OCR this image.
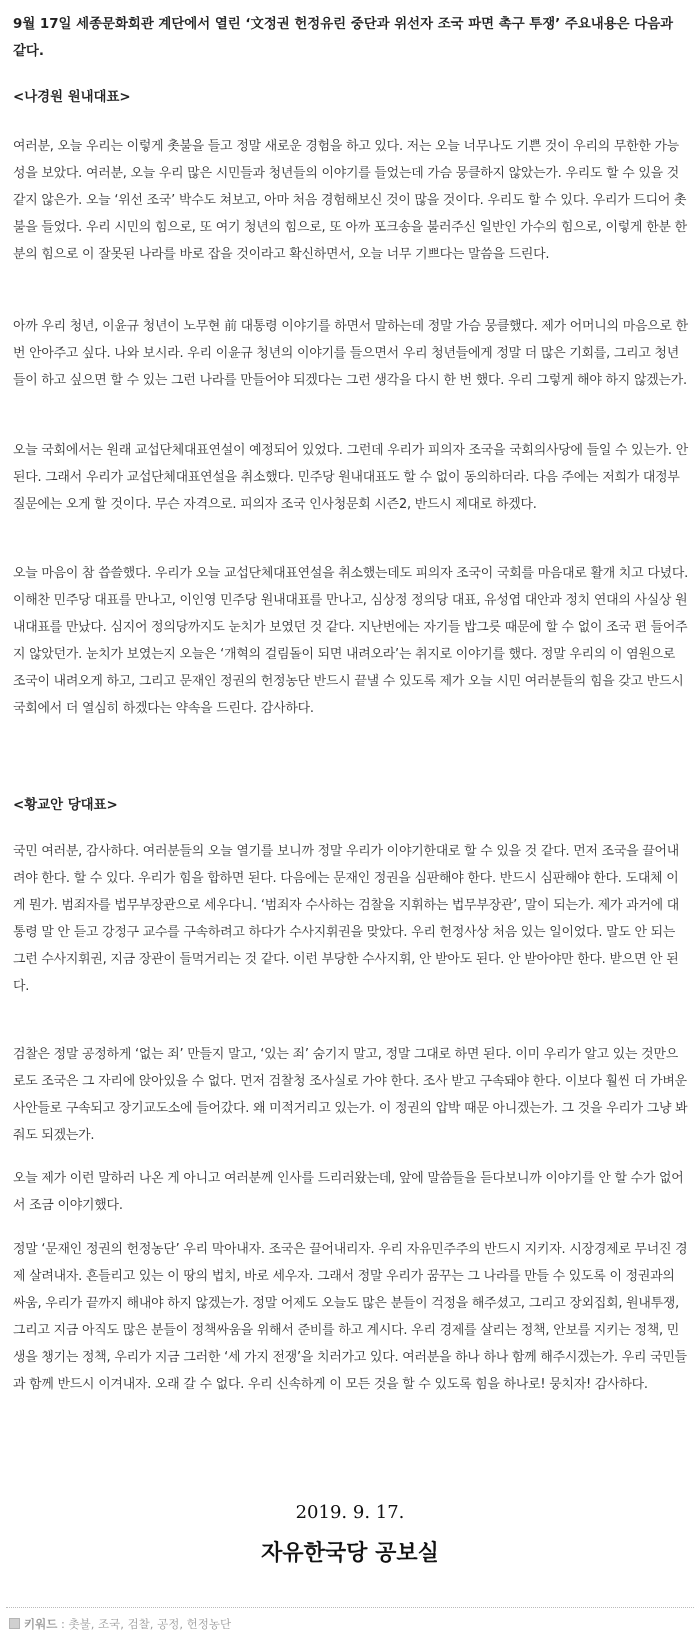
9월 17일 세종문화회관 계단에서 열린 ‘文정권 헌정유린 중단과 위선자 조국 파면 촉구 투쟁’ 주요내용은 다음과 같다.

<나경원 원내대표>

여러분, 오늘 우리는 이렇게 촛불을 들고 정말 새로운 경험을 하고 있다. 저는 오늘 너무나도 기쁜 것이 우리의 무한한 가능성을 보았다. 여러분, 오늘 우리 많은 시민들과 청년들의 이야기를 들었는데 가슴 뭉클하지 않았는가. 우리도 할 수 있을 것 같지 않은가. 오늘 ‘위선 조국’ 박수도 쳐보고, 아마 처음 경험해보신 것이 많을 것이다. 우리도 할 수 있다. 우리가 드디어 촛불을 들었다. 우리 시민의 힘으로, 또 여기 청년의 힘으로, 또 아까 포크송을 불러주신 일반인 가수의 힘으로, 이렇게 한분 한분의 힘으로 이 잘못된 나라를 바로 잡을 것이라고 확신하면서, 오늘 너무 기쁘다는 말씀을 드린다.

아까 우리 청년, 이윤규 청년이 노무현 前 대통령 이야기를 하면서 말하는데 정말 가슴 뭉클했다. 제가 어머니의 마음으로 한번 안아주고 싶다. 나와 보시라. 우리 이윤규 청년의 이야기를 들으면서 우리 청년들에게 정말 더 많은 기회를, 그리고 청년들이 하고 싶으면 할 수 있는 그런 나라를 만들어야 되겠다는 그런 생각을 다시 한 번 했다. 우리 그렇게 해야 하지 않겠는가.

오늘 국회에서는 원래 교섭단체대표연설이 예정되어 있었다. 그런데 우리가 피의자 조국을 국회의사당에 들일 수 있는가. 안 된다. 그래서 우리가 교섭단체대표연설을 취소했다. 민주당 원내대표도 할 수 없이 동의하더라. 다음 주에는 저희가 대정부질문에는 오게 할 것이다. 무슨 자격으로. 피의자 조국 인사청문회 시즌2, 반드시 제대로 하겠다.

오늘 마음이 참 씁쓸했다. 우리가 오늘 교섭단체대표연설을 취소했는데도 피의자 조국이 국회를 마음대로 활개 치고 다녔다. 이해찬 민주당 대표를 만나고, 이인영 민주당 원내대표를 만나고, 심상정 정의당 대표, 유성엽 대안과 정치 연대의 사실상 원내대표를 만났다. 심지어 정의당까지도 눈치가 보였던 것 같다. 지난번에는 자기들 밥그릇 때문에 할 수 없이 조국 편 들어주지 않았던가. 눈치가 보였는지 오늘은 ‘개혁의 걸림돌이 되면 내려오라’는 취지로 이야기를 했다. 정말 우리의 이 염원으로 조국이 내려오게 하고, 그리고 문재인 정권의 헌정농단 반드시 끝낼 수 있도록 제가 오늘 시민 여러분들의 힘을 갖고 반드시 국회에서 더 열심히 하겠다는 약속을 드린다. 감사하다.

<황교안 당대표>

국민 여러분, 감사하다. 여러분들의 오늘 열기를 보니까 정말 우리가 이야기한대로 할 수 있을 것 같다. 먼저 조국을 끌어내려야 한다. 할 수 있다. 우리가 힘을 합하면 된다. 다음에는 문재인 정권을 심판해야 한다. 반드시 심판해야 한다. 도대체 이게 뭔가. 범죄자를 법무부장관으로 세우다니. ‘범죄자 수사하는 검찰을 지휘하는 법무부장관’, 말이 되는가. 제가 과거에 대통령 말 안 듣고 강정구 교수를 구속하려고 하다가 수사지휘권을 맞았다. 우리 헌정사상 처음 있는 일이었다. 말도 안 되는 그런 수사지휘권, 지금 장관이 들먹거리는 것 같다. 이런 부당한 수사지휘, 안 받아도 된다. 안 받아야만 한다. 받으면 안 된다.

검찰은 정말 공정하게 ‘없는 죄’ 만들지 말고, ‘있는 죄’ 숨기지 말고, 정말 그대로 하면 된다. 이미 우리가 알고 있는 것만으로도 조국은 그 자리에 앉아있을 수 없다. 먼저 검찰청 조사실로 가야 한다. 조사 받고 구속돼야 한다. 이보다 훨씬 더 가벼운 사안들로 구속되고 장기교도소에 들어갔다. 왜 미적거리고 있는가. 이 정권의 압박 때문 아니겠는가. 그 것을 우리가 그냥 봐줘도 되겠는가.

오늘 제가 이런 말하러 나온 게 아니고 여러분께 인사를 드리러왔는데, 앞에 말씀들을 듣다보니까 이야기를 안 할 수가 없어서 조금 이야기했다.

정말 ‘문재인 정권의 헌정농단’ 우리 막아내자. 조국은 끌어내리자. 우리 자유민주주의 반드시 지키자. 시장경제로 무너진 경제 살려내자. 흔들리고 있는 이 땅의 법치, 바로 세우자. 그래서 정말 우리가 꿈꾸는 그 나라를 만들 수 있도록 이 정권과의 싸움, 우리가 끝까지 해내야 하지 않겠는가. 정말 어제도 오늘도 많은 분들이 걱정을 해주셨고, 그리고 장외집회, 원내투쟁, 그리고 지금 아직도 많은 분들이 정책싸움을 위해서 준비를 하고 계시다. 우리 경제를 살리는 정책, 안보를 지키는 정책, 민생을 챙기는 정책, 우리가 지금 그러한 ‘세 가지 전쟁’을 치러가고 있다. 여러분을 하나 하나 함께 해주시겠는가. 우리 국민들과 함께 반드시 이겨내자. 오래 갈 수 없다. 우리 신속하게 이 모든 것을 할 수 있도록 힘을 하나로! 뭉치자! 감사하다.

2019. 9. 17.

자유한국당 공보실

키워드 : 촛불, 조국, 검찰, 공정, 헌정농단
